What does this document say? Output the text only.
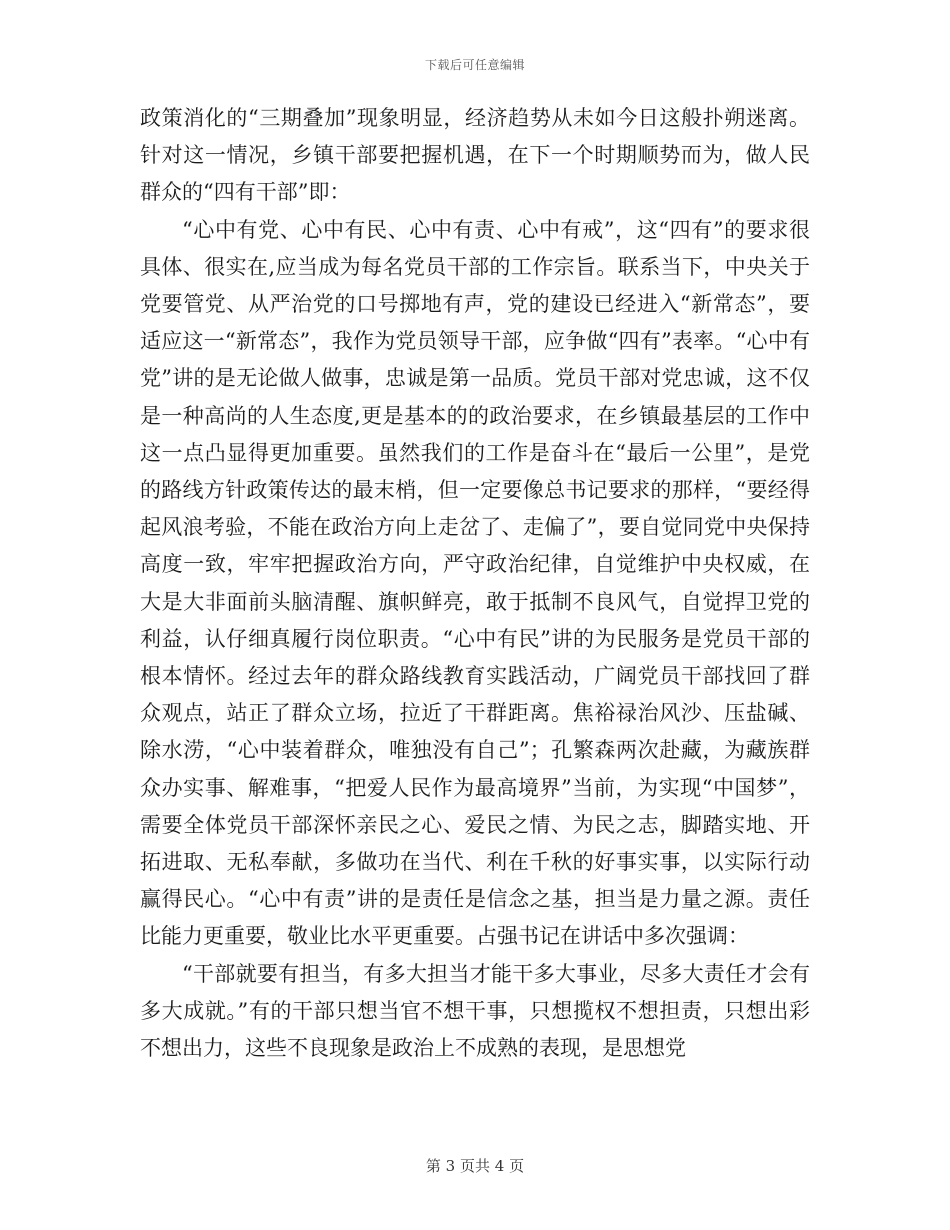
下载后可任意编辑

政策消化的“三期叠加”现象明显，经济趋势从未如今日这般扑朔迷离。针对这一情况，乡镇干部要把握机遇，在下一个时期顺势而为，做人民群众的“四有干部”即：

“心中有党、心中有民、心中有责、心中有戒”，这“四有”的要求很具体、很实在,应当成为每名党员干部的工作宗旨。联系当下，中央关于党要管党、从严治党的口号掷地有声，党的建设已经进入“新常态”，要适应这一“新常态”，我作为党员领导干部，应争做“四有”表率。“心中有党”讲的是无论做人做事，忠诚是第一品质。党员干部对党忠诚，这不仅是一种高尚的人生态度,更是基本的的政治要求，在乡镇最基层的工作中这一点凸显得更加重要。虽然我们的工作是奋斗在“最后一公里”，是党的路线方针政策传达的最末梢，但一定要像总书记要求的那样，“要经得起风浪考验，不能在政治方向上走岔了、走偏了”，要自觉同党中央保持高度一致，牢牢把握政治方向，严守政治纪律，自觉维护中央权威，在大是大非面前头脑清醒、旗帜鲜亮，敢于抵制不良风气，自觉捍卫党的利益，认仔细真履行岗位职责。“心中有民”讲的为民服务是党员干部的根本情怀。经过去年的群众路线教育实践活动，广阔党员干部找回了群众观点，站正了群众立场，拉近了干群距离。焦裕禄治风沙、压盐碱、除水涝，“心中装着群众，唯独没有自己”；孔繁森两次赴藏，为藏族群众办实事、解难事，“把爱人民作为最高境界”当前，为实现“中国梦”，需要全体党员干部深怀亲民之心、爱民之情、为民之志，脚踏实地、开拓进取、无私奉献，多做功在当代、利在千秋的好事实事，以实际行动赢得民心。“心中有责”讲的是责任是信念之基，担当是力量之源。责任比能力更重要，敬业比水平更重要。占强书记在讲话中多次强调：

“干部就要有担当，有多大担当才能干多大事业，尽多大责任才会有多大成就。”有的干部只想当官不想干事，只想揽权不想担责，只想出彩不想出力，这些不良现象是政治上不成熟的表现，是思想党

第 3 页共 4 页
